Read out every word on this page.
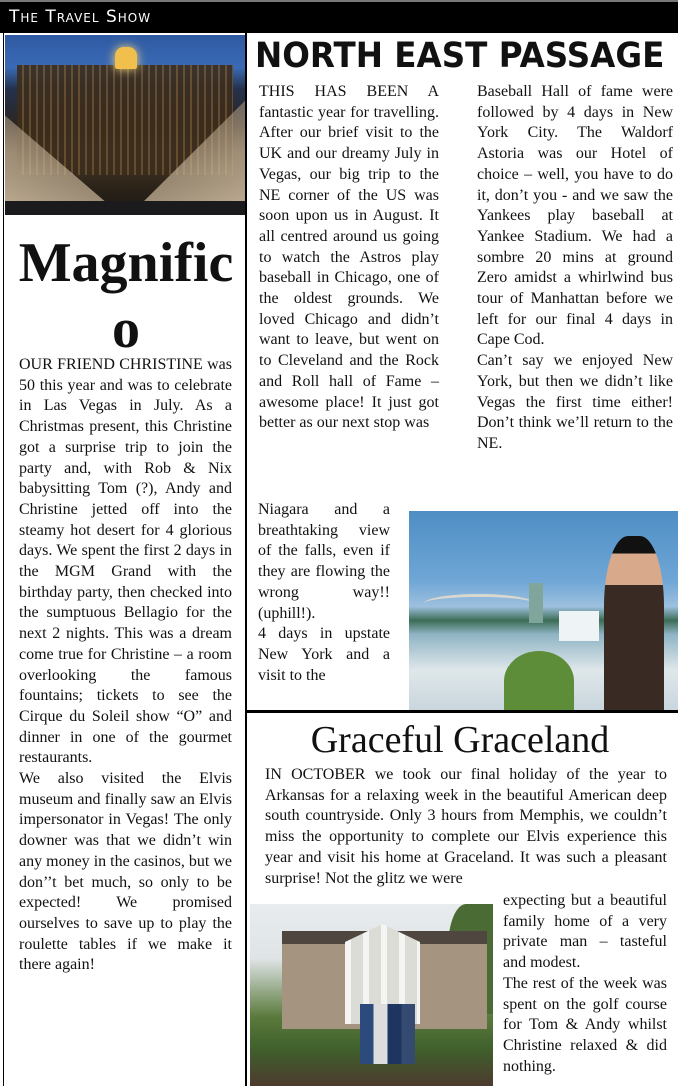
The Travel Show
Magnifico

OUR FRIEND CHRISTINE was 50 this year and was to celebrate in Las Vegas in July. As a Christmas present, this Christine got a surprise trip to join the party and, with Rob & Nix babysitting Tom (?), Andy and Christine jetted off into the steamy hot desert for 4 glorious days. We spent the first 2 days in the MGM Grand with the birthday party, then checked into the sumptuous Bellagio for the next 2 nights. This was a dream come true for Christine – a room overlooking the famous fountains; tickets to see the Cirque du Soleil show “O” and dinner in one of the gourmet restaurants.

We also visited the Elvis museum and finally saw an Elvis impersonator in Vegas! The only downer was that we didn’t win any money in the casinos, but we don’’t bet much, so only to be expected! We promised ourselves to save up to play the roulette tables if we make it there again!

NORTH EAST PASSAGE

THIS HAS BEEN A fantastic year for travelling. After our brief visit to the UK and our dreamy July in Vegas, our big trip to the NE corner of the US was soon upon us in August. It all centred around us going to watch the Astros play baseball in Chicago, one of the oldest grounds. We loved Chicago and didn’t want to leave, but went on to Cleveland and the Rock and Roll hall of Fame – awesome place! It just got better as our next stop was

Baseball Hall of fame were followed by 4 days in New York City. The Waldorf Astoria was our Hotel of choice – well, you have to do it, don’t you - and we saw the Yankees play baseball at Yankee Stadium. We had a sombre 20 mins at ground Zero amidst a whirlwind bus tour of Manhattan before we left for our final 4 days in Cape Cod.

Can’t say we enjoyed New York, but then we didn’t like Vegas the first time either! Don’t think we’ll return to the NE.

Niagara and a breathtaking view of the falls, even if they are flowing the wrong way!! (uphill!).

4 days in upstate New York and a visit to the

Graceful Graceland

IN OCTOBER we took our final holiday of the year to Arkansas for a relaxing week in the beautiful American deep south countryside. Only 3 hours from Memphis, we couldn’t miss the opportunity to complete our Elvis experience this year and visit his home at Graceland. It was such a pleasant surprise! Not the glitz we were

expecting but a beautiful family home of a very private man – tasteful and modest.

The rest of the week was spent on the golf course for Tom & Andy whilst Christine relaxed & did nothing.
